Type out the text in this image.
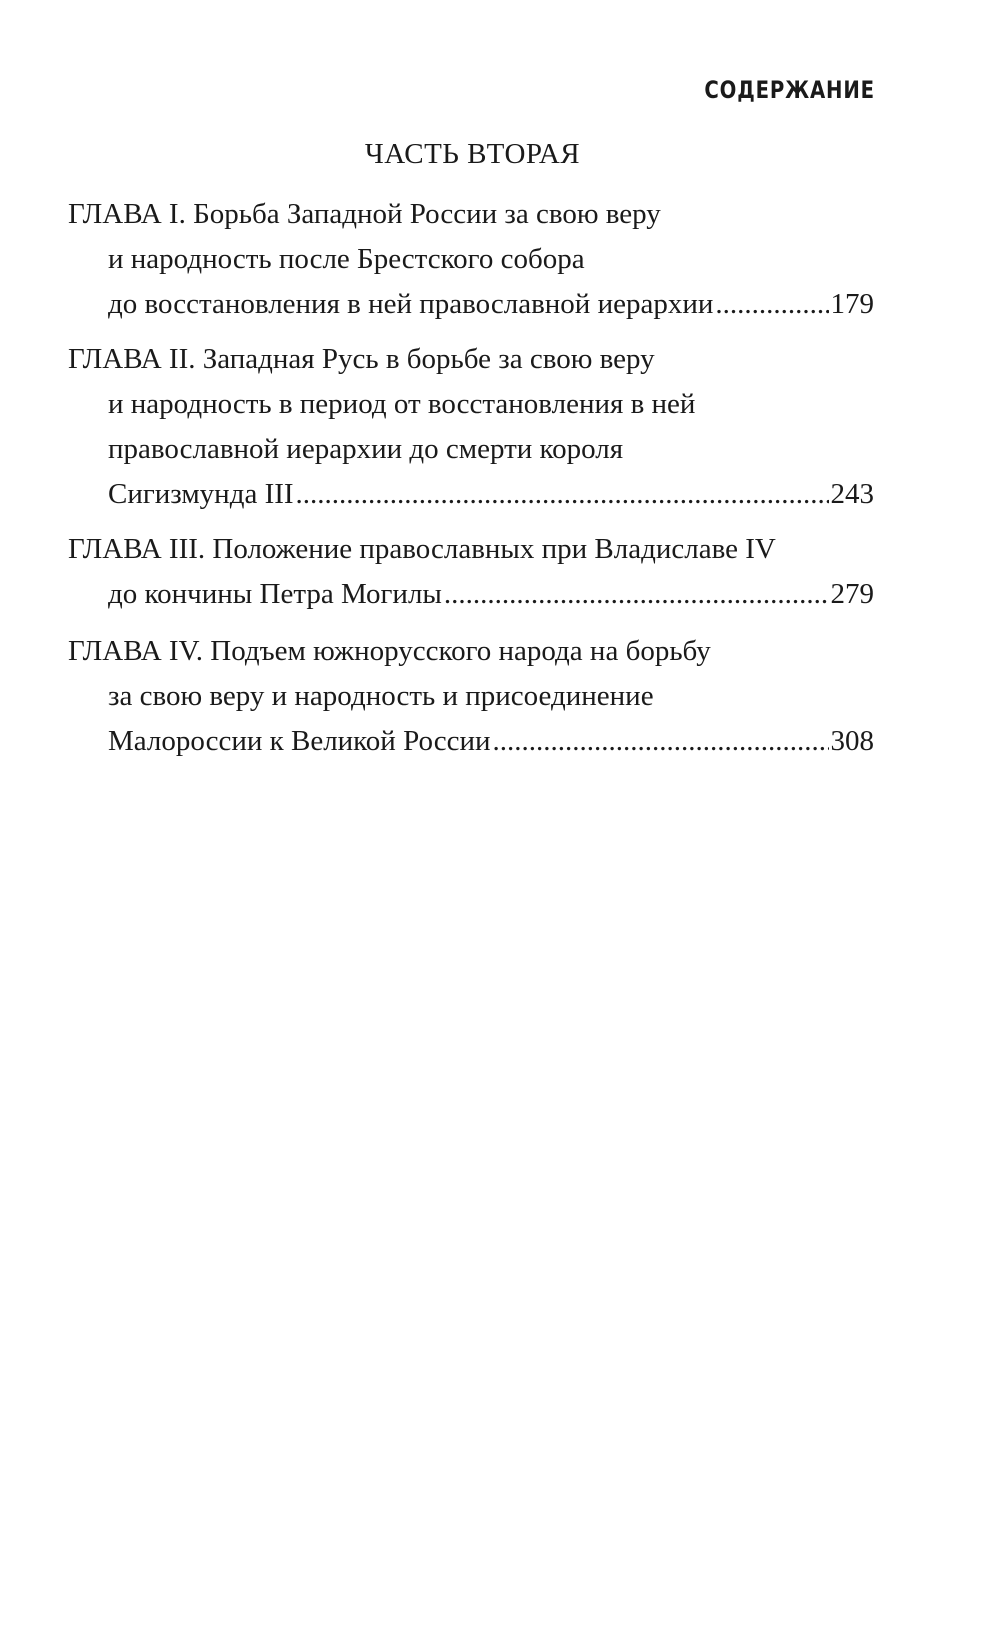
СОДЕРЖАНИЕ
ЧАСТЬ ВТОРАЯ
ГЛАВА I. Борьба Западной России за свою веру
и народность после Брестского собора
до восстановления в ней православной иерархии .....	179
ГЛАВА II. Западная Русь в борьбе за свою веру
и народность в период от восстановления в ней
православной иерархии до смерти короля
Сигизмунда III .....	243
ГЛАВА III. Положение православных при Владиславе IV
до кончины Петра Могилы .....	279
ГЛАВА IV. Подъем южнорусского народа на борьбу
за свою веру и народность и присоединение
Малороссии к Великой России .....	308
